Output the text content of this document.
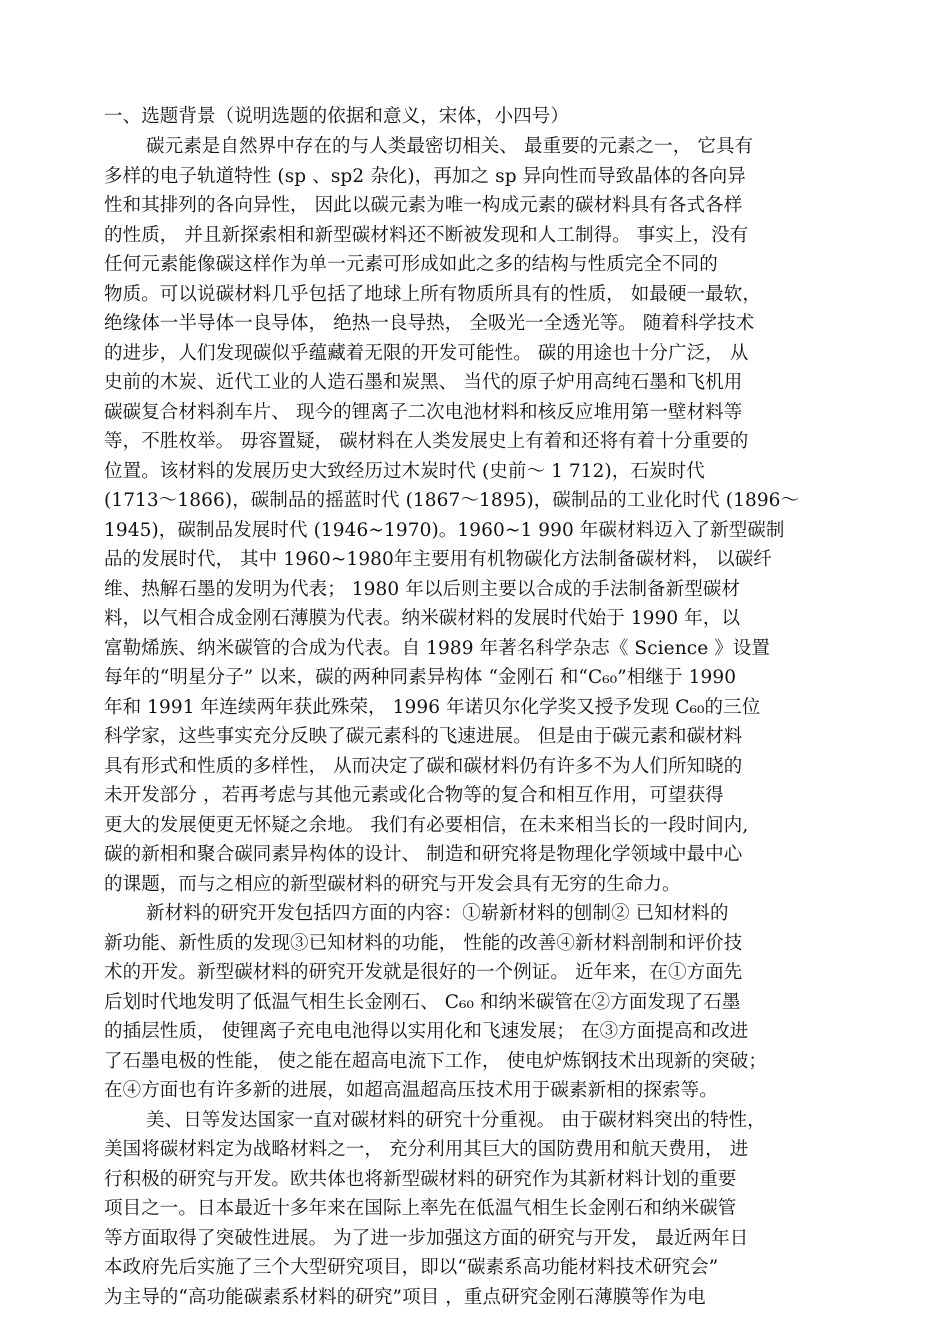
一、选题背景（说明选题的依据和意义，宋体，小四号）
碳元素是自然界中存在的与人类最密切相关、 最重要的元素之一， 它具有
多样的电子轨道特性 (sp 、sp2 杂化)，再加之 sp 异向性而导致晶体的各向异
性和其排列的各向异性， 因此以碳元素为唯一构成元素的碳材料具有各式各样
的性质， 并且新探索相和新型碳材料还不断被发现和人工制得。 事实上，没有
任何元素能像碳这样作为单一元素可形成如此之多的结构与性质完全不同的
物质。可以说碳材料几乎包括了地球上所有物质所具有的性质， 如最硬一最软，
绝缘体一半导体一良导体， 绝热一良导热， 全吸光一全透光等。 随着科学技术
的进步，人们发现碳似乎蕴藏着无限的开发可能性。 碳的用途也十分广泛， 从
史前的木炭、近代工业的人造石墨和炭黑、 当代的原子炉用高纯石墨和飞机用
碳碳复合材料刹车片、 现今的锂离子二次电池材料和核反应堆用第一壁材料等
等，不胜枚举。 毋容置疑， 碳材料在人类发展史上有着和还将有着十分重要的
位置。该材料的发展历史大致经历过木炭时代 (史前～ 1 712)，石炭时代
(1713～1866)，碳制品的摇蓝时代 (1867～1895)，碳制品的工业化时代 (1896～
1945)，碳制品发展时代 (1946~1970)。1960~1 990 年碳材料迈入了新型碳制
品的发展时代， 其中 1960~1980年主要用有机物碳化方法制备碳材料， 以碳纤
维、热解石墨的发明为代表； 1980 年以后则主要以合成的手法制备新型碳材
料，以气相合成金刚石薄膜为代表。纳米碳材料的发展时代始于 1990 年，以
富勒烯族、纳米碳管的合成为代表。自 1989 年著名科学杂志《 Science 》设置
每年的“明星分子” 以来，碳的两种同素异构体 “金刚石 和“C₆₀”相继于 1990
年和 1991 年连续两年获此殊荣， 1996 年诺贝尔化学奖又授予发现 C₆₀的三位
科学家，这些事实充分反映了碳元素科的飞速进展。 但是由于碳元素和碳材料
具有形式和性质的多样性， 从而决定了碳和碳材料仍有许多不为人们所知晓的
未开发部分 ，若再考虑与其他元素或化合物等的复合和相互作用，可望获得
更大的发展便更无怀疑之余地。 我们有必要相信，在未来相当长的一段时间内,
碳的新相和聚合碳同素异构体的设计、 制造和研究将是物理化学领域中最中心
的课题，而与之相应的新型碳材料的研究与开发会具有无穷的生命力。
新材料的研究开发包括四方面的内容：①崭新材料的刨制② 已知材料的
新功能、新性质的发现③已知材料的功能， 性能的改善④新材料剖制和评价技
术的开发。新型碳材料的研究开发就是很好的一个例证。 近年来，在①方面先
后划时代地发明了低温气相生长金刚石、 C₆₀ 和纳米碳管在②方面发现了石墨
的插层性质， 使锂离子充电电池得以实用化和飞速发展； 在③方面提高和改进
了石墨电极的性能， 使之能在超高电流下工作， 使电炉炼钢技术出现新的突破；
在④方面也有许多新的进展，如超高温超高压技术用于碳素新相的探索等。
美、日等发达国家一直对碳材料的研究十分重视。 由于碳材料突出的特性，
美国将碳材料定为战略材料之一， 充分利用其巨大的国防费用和航天费用， 进
行积极的研究与开发。欧共体也将新型碳材料的研究作为其新材料计划的重要
项目之一。日本最近十多年来在国际上率先在低温气相生长金刚石和纳米碳管
等方面取得了突破性进展。 为了进一步加强这方面的研究与开发， 最近两年日
本政府先后实施了三个大型研究项目，即以“碳素系高功能材料技术研究会”
为主导的“高功能碳素系材料的研究”项目 ，重点研究金刚石薄膜等作为电
